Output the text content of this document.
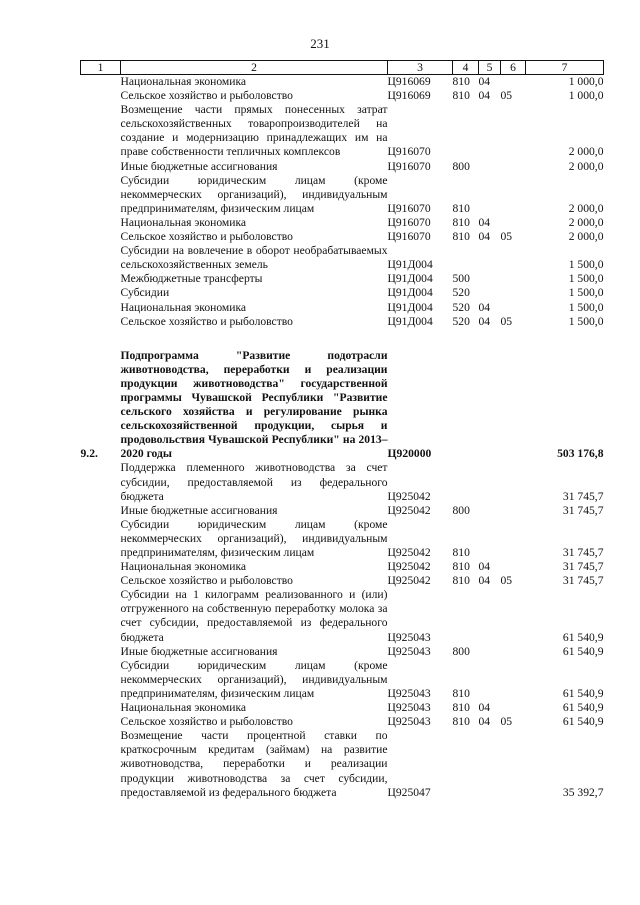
231
1	2	3	4	5	6	7
	Национальная экономика	Ц916069	810	04		1 000,0
	Сельское хозяйство и рыболовство	Ц916069	810	04	05	1 000,0
	Возмещение части прямых понесенных затрат сельскохозяйственных товаропроизводителей на создание и модернизацию принадлежащих им на праве собственности тепличных комплексов	Ц916070				2 000,0
	Иные бюджетные ассигнования	Ц916070	800			2 000,0
	Субсидии юридическим лицам (кроме некоммерческих организаций), индивидуальным предпринимателям, физическим лицам	Ц916070	810			2 000,0
	Национальная экономика	Ц916070	810	04		2 000,0
	Сельское хозяйство и рыболовство	Ц916070	810	04	05	2 000,0
	Субсидии на вовлечение в оборот необрабатываемых сельскохозяйственных земель	Ц91Д004				1 500,0
	Межбюджетные трансферты	Ц91Д004	500			1 500,0
	Субсидии	Ц91Д004	520			1 500,0
	Национальная экономика	Ц91Д004	520	04		1 500,0
	Сельское хозяйство и рыболовство	Ц91Д004	520	04	05	1 500,0

9.2.	Подпрограмма "Развитие подотрасли животноводства, переработки и реализации продукции животноводства" государственной программы Чувашской Республики "Развитие сельского хозяйства и регулирование рынка сельскохозяйственной продукции, сырья и продовольствия Чувашской Республики" на 2013–2020 годы	Ц920000				503 176,8
	Поддержка племенного животноводства за счет субсидии, предоставляемой из федерального бюджета	Ц925042				31 745,7
	Иные бюджетные ассигнования	Ц925042	800			31 745,7
	Субсидии юридическим лицам (кроме некоммерческих организаций), индивидуальным предпринимателям, физическим лицам	Ц925042	810			31 745,7
	Национальная экономика	Ц925042	810	04		31 745,7
	Сельское хозяйство и рыболовство	Ц925042	810	04	05	31 745,7
	Субсидии на 1 килограмм реализованного и (или) отгруженного на собственную переработку молока за счет субсидии, предоставляемой из федерального бюджета	Ц925043				61 540,9
	Иные бюджетные ассигнования	Ц925043	800			61 540,9
	Субсидии юридическим лицам (кроме некоммерческих организаций), индивидуальным предпринимателям, физическим лицам	Ц925043	810			61 540,9
	Национальная экономика	Ц925043	810	04		61 540,9
	Сельское хозяйство и рыболовство	Ц925043	810	04	05	61 540,9
	Возмещение части процентной ставки по краткосрочным кредитам (займам) на развитие животноводства, переработки и реализации продукции животноводства за счет субсидии, предоставляемой из федерального бюджета	Ц925047				35 392,7
